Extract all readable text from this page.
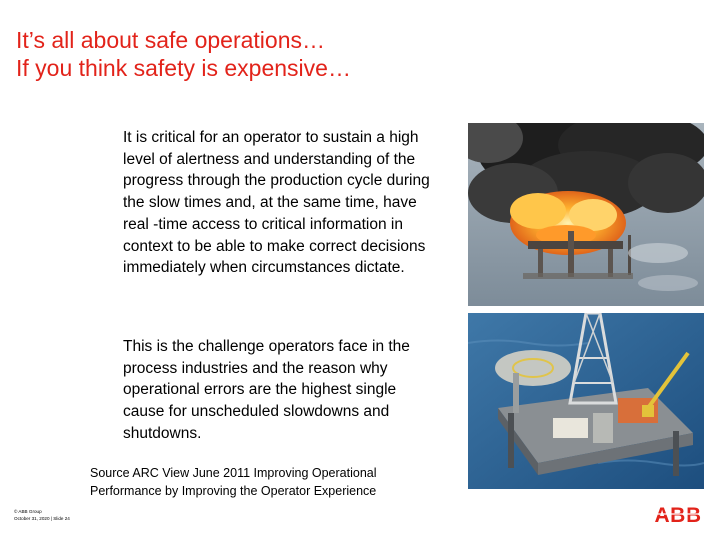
It’s all about safe operations…
If you think safety is expensive…

It is critical for an operator to sustain a high level of alertness and understanding of the progress through the production cycle during the slow times and, at the same time, have real -time access to critical information in context to be able to make correct decisions immediately when circumstances dictate.

This is the challenge operators face in the process industries and the reason why operational errors are the highest single cause for unscheduled slowdowns and shutdowns.

Source ARC View June 2011 Improving Operational Performance by Improving the Operator Experience
© ABB Group
October 31, 2020 | Slide 24	ABB
